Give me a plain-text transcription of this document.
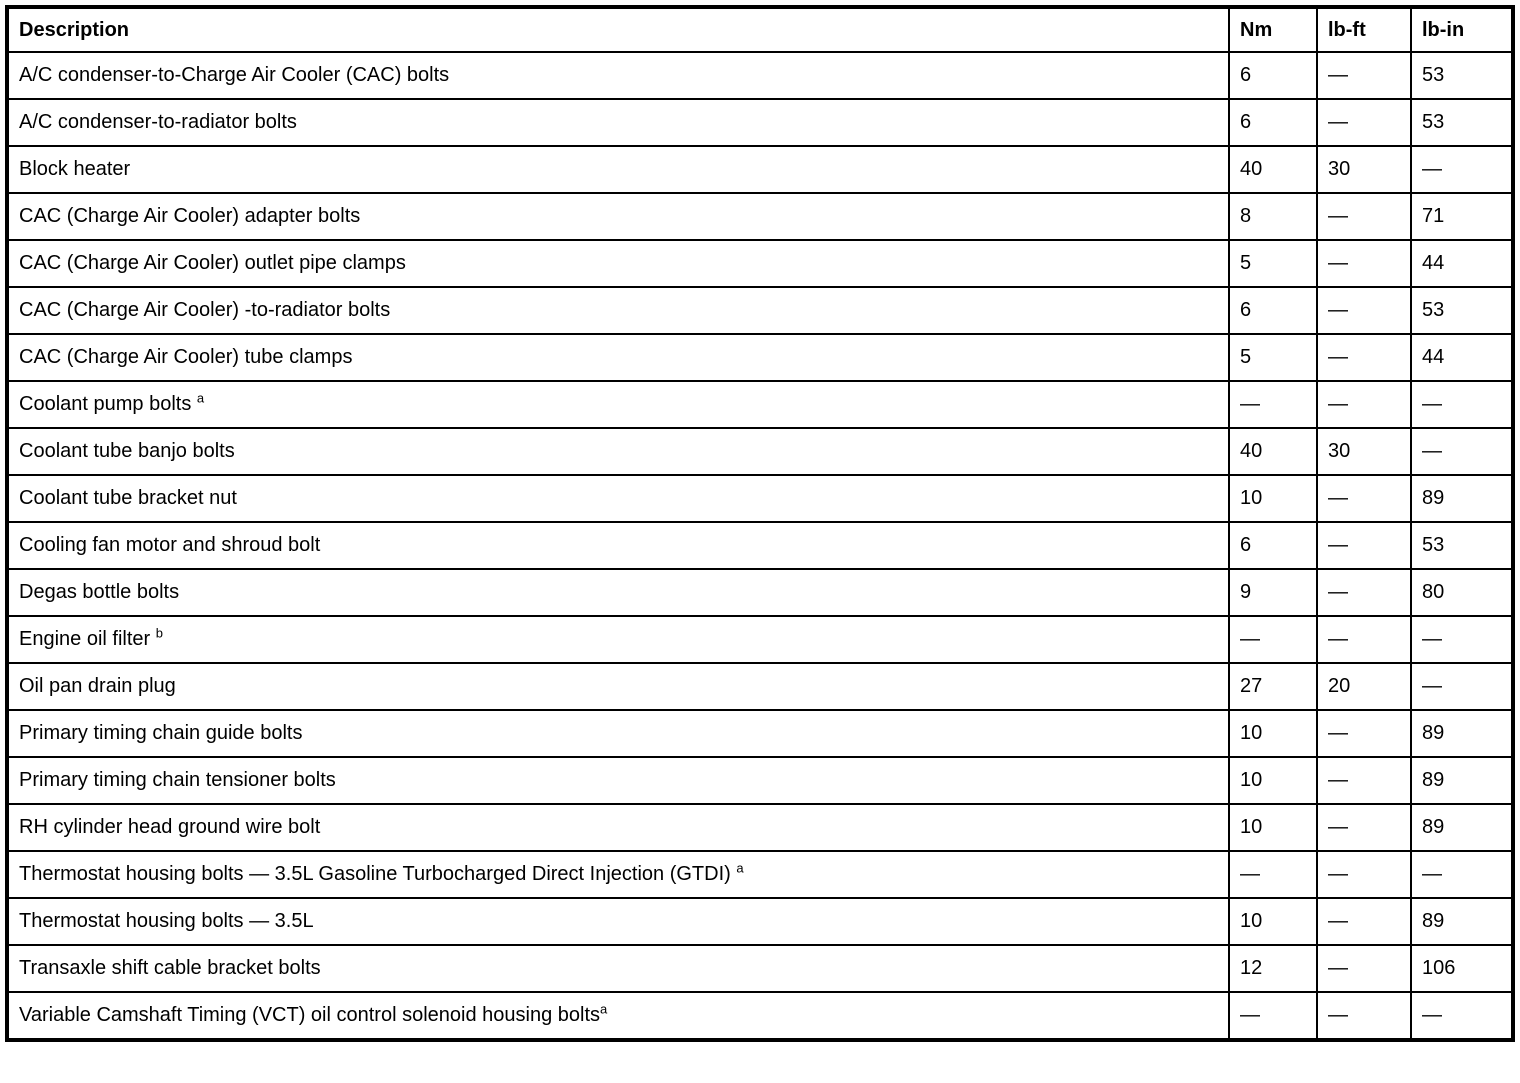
Description	Nm	lb-ft	lb-in
A/C condenser-to-Charge Air Cooler (CAC) bolts	6	—	53
A/C condenser-to-radiator bolts	6	—	53
Block heater	40	30	—
CAC (Charge Air Cooler) adapter bolts	8	—	71
CAC (Charge Air Cooler) outlet pipe clamps	5	—	44
CAC (Charge Air Cooler) -to-radiator bolts	6	—	53
CAC (Charge Air Cooler) tube clamps	5	—	44
Coolant pump bolts $^a$	—	—	—
Coolant tube banjo bolts	40	30	—
Coolant tube bracket nut	10	—	89
Cooling fan motor and shroud bolt	6	—	53
Degas bottle bolts	9	—	80
Engine oil filter $^b$	—	—	—
Oil pan drain plug	27	20	—
Primary timing chain guide bolts	10	—	89
Primary timing chain tensioner bolts	10	—	89
RH cylinder head ground wire bolt	10	—	89
Thermostat housing bolts — 3.5L Gasoline Turbocharged Direct Injection (GTDI) $^a$	—	—	—
Thermostat housing bolts — 3.5L	10	—	89
Transaxle shift cable bracket bolts	12	—	106
Variable Camshaft Timing (VCT) oil control solenoid housing bolts$^a$	—	—	—
